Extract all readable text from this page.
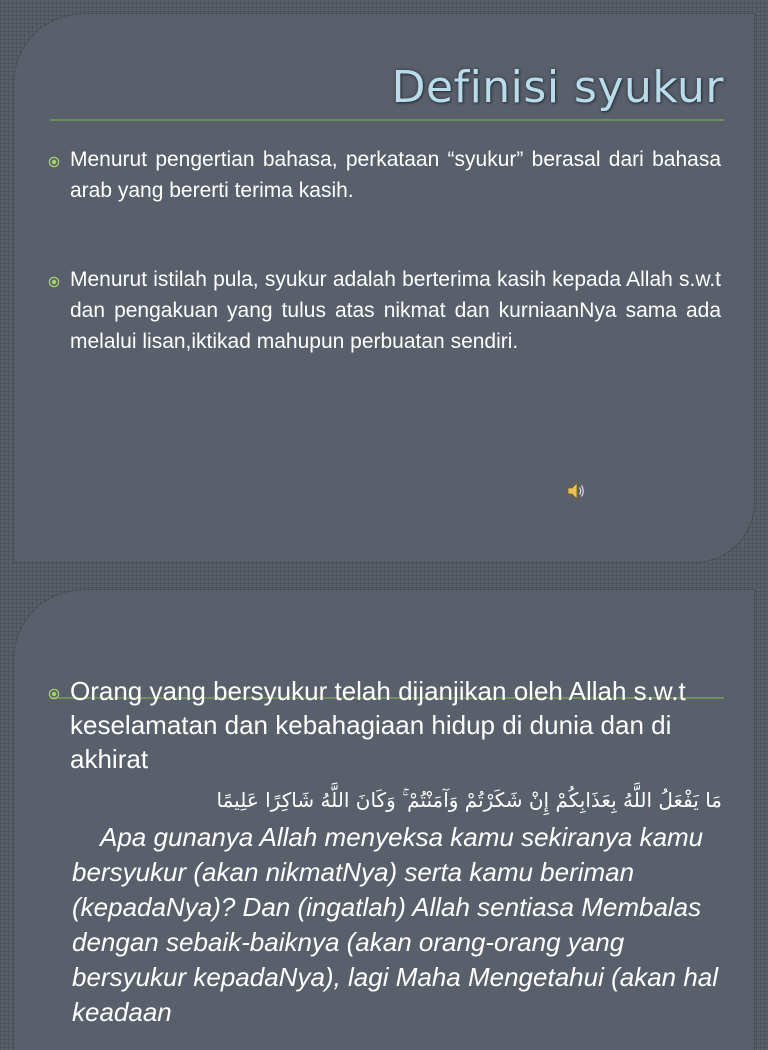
Definisi syukur

Menurut pengertian bahasa, perkataan “syukur” berasal dari bahasa arab yang bererti terima kasih.

Menurut istilah pula, syukur adalah berterima kasih kepada Allah s.w.t dan pengakuan yang tulus atas nikmat dan kurniaanNya sama ada melalui lisan,iktikad mahupun perbuatan sendiri.

Orang yang bersyukur telah dijanjikan oleh Allah s.w.t keselamatan dan kebahagiaan hidup di dunia dan di akhirat

مَا يَفْعَلُ اللَّهُ بِعَذَابِكُمْ إِنْ شَكَرْتُمْ وَآمَنْتُمْ ۚ وَكَانَ اللَّهُ شَاكِرًا عَلِيمًا

Apa gunanya Allah menyeksa kamu sekiranya kamu bersyukur (akan nikmatNya) serta kamu beriman (kepadaNya)? Dan (ingatlah) Allah sentiasa Membalas dengan sebaik-baiknya (akan orang-orang yang bersyukur kepadaNya), lagi Maha Mengetahui (akan hal keadaan
